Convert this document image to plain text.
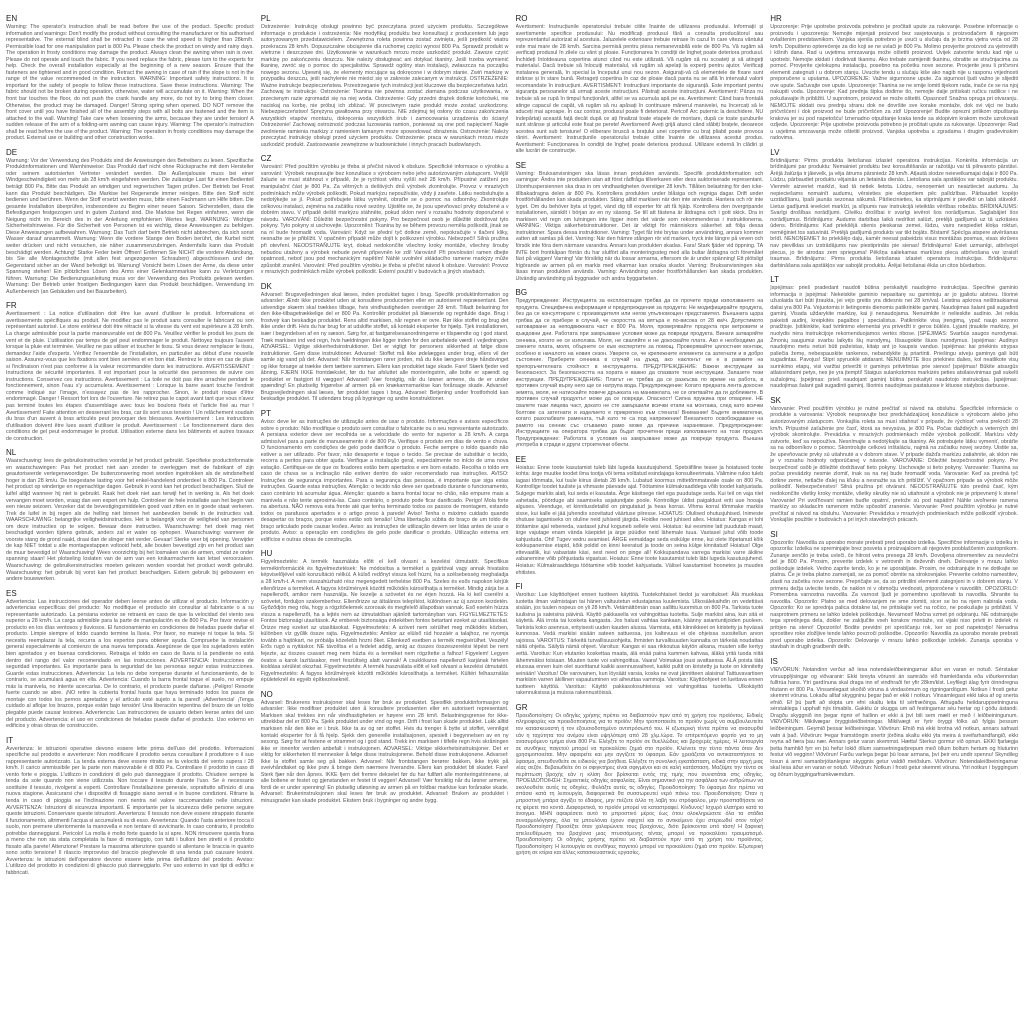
EN

Warning: The operator's instruction shall be read before the use of the product. Specific product information and warnings: Don't modify the product without consulting the manufacturer or his authorised representative. The external blind shall be retracted in case the wind speed is higher than 28km/h. Permissible load for one manipulation part is 800 Pa. Please check the product on windy and rainy days. The operation in frosty conditions may damage the product. Always clean the awning when rain is over. Please do not operate and touch the fabric. If you need replace the fabric, please turn to the experts for help. Check the overall installation especially at the beginning of a new season. Ensure that the fasteners are tightened and in good condition. Retract the awning in case of rain if the slope is not in the range of the value recommended in the instruction. WARNING: Important safety instructions. It is important for the safety of people to follow these instructions. Save these instructions. Warning: The fabric should not be broken during operation, otherwise, water will accumulate on it. Warning: When the front bar touches the floor, do not push the crank handle any more, do not try to bring them closer. Otherwise, the product may be damaged. Danger! Strong spring when opened. DO NOT remove the front cover until you have finished all of the assembly steps with all bolts are fastened and the item is attached to the wall. Warning! Take care when loosening the arms, because they are under tension! A sudden release of the arm of a folding-arm awning can cause injury. Warning: The operator's instruction shall be read before the use of the product. Warning: The operation in frosty conditions may damage the product. External use or building and other construction works.

DE

Warnung: Vor der Verwendung des Produkts sind die Anweisungen des Betreibers zu lesen. Spezifische Produktinformationen und Warnhinweise: Das Produkt darf nicht ohne Rücksprache mit dem Hersteller oder seinem autorisierten Vertreter verändert werden. Die Außenjalousie muss bei einer Windgeschwindigkeit von mehr als 28 km/h eingefahren werden. Die zulässige Last für einen Bedienteil beträgt 800 Pa. Bitte das Produkt an windigen und regnerischen Tagen prüfen. Der Betrieb bei Frost kann das Produkt beschädigen. Die Markise bei Regenende immer reinigen. Bitte den Stoff nicht bedienen und berühren. Wenn der Stoff ersetzt werden muss, bitte einen Fachmann um Hilfe bitten. Die gesamte Installation überprüfen, insbesondere zu Beginn einer neuen Saison. Sicherstellen, dass die Befestigungen festgezogen und in gutem Zustand sind. Die Markise bei Regen einfahren, wenn die Neigung nicht im Bereich des in der Anleitung empfohlenen Wertes liegt. WARNUNG: Wichtige Sicherheitshinweise. Für die Sicherheit von Personen ist es wichtig, diese Anweisungen zu befolgen. Diese Anweisungen aufbewahren. Warnung: Das Tuch darf beim Betrieb nicht abbrechen, da sich sonst Wasser darauf ansammelt. Warnung: Wenn die vordere Stange den Boden berührt, die Kurbel nicht weiter drücken und nicht versuchen, sie näher zusammenzubringen. Andernfalls kann das Produkt beschädigt werden. Achtung! Starke Feder beim Öffnen! Entfernen Sie NICHT die vordere Abdeckung, bis Sie alle Montageschritte (mit allen fest angezogenen Schrauben) abgeschlossen und der Gegenstand sicher an der Wand befestigt ist. Warnung! Vorsicht beim Lösen der Arme, da diese unter Spannung stehen! Ein plötzliches Lösen des Arms einer Gelenkarmmarkise kann zu Verletzungen führen. Warnung: Die Bedienungsanleitung muss vor der Verwendung des Produkts gelesen werden. Warnung: Der Betrieb unter frostigen Bedingungen kann das Produkt beschädigen. Verwendung im Außenbereich (an Gebäuden und bei Bauarbeiten).

FR

Avertissement : La notice d'utilisation doit être lue avant d'utiliser le produit. Informations et avertissements spécifiques au produit. Ne modifiez pas le produit sans consulter le fabricant ou son représentant autorisé. Le store extérieur doit être rétracté si la vitesse du vent est supérieure à 28 km/h. La charge admissible pour la partie manœuvrable est de 800 Pa. Veuillez vérifier le produit les jours de vent et de pluie. L'utilisation par temps de gel peut endommager le produit. Nettoyez toujours l'auvent lorsque la pluie est terminée. Veuillez ne pas utiliser et toucher le tissu. Si vous devez remplacer le tissu, demandez l'aide d'experts. Vérifiez l'ensemble de l'installation, en particulier au début d'une nouvelle saison. Assurez-vous que les fixations sont bien serrées et en bon état. Rentrez le store en cas de pluie si l'inclinaison n'est pas conforme à la valeur recommandée dans les instructions. AVERTISSEMENT : Instructions de sécurité importantes. Il est important pour la sécurité des personnes de suivre ces instructions. Conservez ces instructions. Avertissement : La toile ne doit pas être arrachée pendant le fonctionnement, sinon l'eau s'y accumulera. Avertissement : Lorsque la barre avant touche l'endroit comme indiqué sur l'image, n'essayez pas de les rapprocher. Sinon, le produit risque d'être endommagé. Danger ! Ressort fort lors de l'ouverture. Ne retirez pas le capot avant tant que vous n'avez pas terminé toutes les étapes d'assemblage avec tous les boulons fixés et l'article fixé au mur ! Avertissement! Faite attention en desserrant les bras, car ils sont sous tension ! Un relâchement soudain du bras d'un auvent à bras articulés peut provoquer des blessures. Avertissement : Les instructions d'utilisation doivent être lues avant d'utiliser le produit. Avertissement : Le fonctionnement dans des conditions de gel peut endommager le produit. Utilisation externe dans les bâtiments et autres travaux de construction.

NL

Waarschuwing: lees de gebruiksinstructies voordat je het product gebruikt. Specifieke productinformatie en waarschuwingen: Pas het product niet aan zonder te overleggen met de fabrikant of zijn geautoriseerde vertegenwoordiger. De buitenzonwering moet worden ingetrokken als de windsnelheid hoger is dan 28 km/u. De toegestane lasting voor het enkel-handelend onderdeel is 800 Pa. Controleer het product op winderige en regenachtige dagen. Gebruik in vorst kan het product beschadigen. Sluit de luifel altijd wanneer hij niet is gebruikt. Raak het doek niet aan terwijl het in werking is. Als het doek vervangen moet worden, vraag dan een expert om hulp. Controleer de hele installatie aan het begin van een nieuw seizoen. Verzeker dat de bevestigingsmiddelen goed vast zitten en in goede staat verkeren. Trek de luifel in bij regen als de helling niet binnen het aanbevolen bereik in de instructies valt. WAARSCHUWING: belangrijke veiligheidsinstructies. Het is belangrijk voor de veiligheid van personen om deze instructies op te volgen. Bewaar deze instructies. Waarschuwing: het doek mag niet beschadigd worden tijdens gebruik, anders zal er water op ophopen. Waarschuwing: wanneer de voorste stang de grond raakt, draai dan de slinger niet verder. Gevaar! Sterke veer bij opening. Verwijder de kap NIET totdat u alle montagestappen voltooid hebt, alle bouten bevestigd zijn en het product aan de muur bevestigd is! Waarschuwing! Wees voorzichtig bij het losmaken van de armen, omdat ze onder spanning staan! Het plotseling loslaten van de arm van een knikarmscherm kan letsel veroorzaken. Waarschuwing: de gebruikersinstructies moeten gelezen worden voordat het product wordt gebruikt. Waarschuwing: het gebruik bij vorst kan het product beschadigen. Extern gebruik bij gebouwen en andere bouwwerken.

ES

Advertencia: Las instrucciones del operador deben leerse antes de utilizar el producto. Información y advertencias específicas del producto: No modifique el producto sin consultar al fabricante o a su representante autorizado. La persiana exterior se retraerá en caso de que la velocidad del viento sea superior a 28 km/h. La carga admisible para la parte de manipulación es de 800 Pa. Por favor revise el producto en los días ventosos y lluviosos. El funcionamiento en condiciones de heladas puede dañar el producto. Limpie siempre el toldo cuando termine la lluvia. Por favor, no maneje ni toque la tela. Si necesita reemplazar la tela, recurra a los expertos para obtener ayuda. Compruebe la instalación general especialmente al comienzo de una nueva temporada. Asegúrese de que los sujetadores estén bien apretados y en buenas condiciones. Retraiga el toldo en caso de lluvia si la pendiente no está dentro del rango del valor recomendado en las instrucciones. ADVERTENCIA: Instrucciones de seguridad importantes. Es importante para la seguridad de las personas seguir estas instrucciones. Guarde estas instrucciones. Advertencia: La tela no debe romperse durante el funcionamiento, de lo contrario, se acumulará agua en ella. Advertencia: Cuando la barra frontal toque el suelo, no empuje más la manivela, no intente acercarlas. De lo contrario, el producto puede dañarse. ¡Peligro! Resorte fuerte cuando se abre. ¡NO retire la cubierta frontal hasta que haya terminado todos los pasos de montaje con todos los pernos apretados y el artículo esté sujeto a la pared! ¡Advertencia! ¡Tenga cuidado al aflojar los brazos, porque están bajo tensión! Una liberación repentina del brazo de un toldo plegable puede causar lesiones. Advertencia: Las instrucciones de usuario deben leerse antes del uso del producto. Advertencia: el uso en condiciones de heladas puede dañar el producto. Uso externo en edificios y otras obras de construcción.

IT

Avvertenza: le istruzioni operative devono essere lette prima dell'uso del prodotto. Informazioni specifiche sul prodotto e avvertenze: Non modificare il prodotto senza consultare il produttore o il suo rappresentante autorizzato. La tenda esterna deve essere ritratta se la velocità del vento supera i 28 km/h. Il carico ammissibile per la parte non manovrabile è di 800 Pa. Controllare il prodotto in caso di vento forte e pioggia. L'utilizzo in condizioni di gelo può danneggiare il prodotto. Chiudere sempre la tenda da sole quando non viene utilizzata. Non toccare il tessuto durante l'uso. Se è necessario sostituire il tessuto, rivolgersi a esperti. Controllare l'installazione generale, soprattutto all'inizio di una nuova stagione. Assicurarsi che i dispositivi di fissaggio siano serrati e in buone condizioni. Ritrarre la tenda in caso di pioggia se l'inclinazione non rientra nel valore raccomandato nelle istruzioni. AVVERTENZA: Istruzioni di sicurezza importanti. È importante per la sicurezza delle persone seguire queste istruzioni. Conservare queste istruzioni. Avvertenza: Il tessuto non deve essere strappato durante il funzionamento, altrimenti l'acqua si accumulerà su di esso. Avvertenza: Quando l'asta anteriore tocca il suolo, non premere ulteriormente la manovella e non tentare di avvicinarle. In caso contrario, il prodotto potrebbe danneggiarsi. Pericolo! La molla è molto forte quando la si apre. NON rimuovere questa frana a meno che non sia stata completata la fase di montaggio, con tutti i bulloni ben stretti e il prodotto fissato alla parete! Attenzione! Prestare la massima attenzione quando si allentano le braccia in quanto sono sotto tensione! Il rilascio improvviso del braccio pieghevole di una tenda può causare lesioni. Avvertenza: le istruzioni dell'operatore devono essere lette prima dell'utilizzo del prodotto. Avviso: L'utilizzo del prodotto in condizioni di ghiaccio può danneggiarlo. Per uso esterno in vari tipi di edifici e fabbricati.

PL

Ostrzeżenie: Instrukcję obsługi powinno być przeczytana przed użyciem produktu. Szczegółowe informacje o produkcie i ostrzeżenia: Nie modyfikuj produktu bez konsultacji z producentem lub jego autoryzowanym przedstawicielem. Zewnętrzna roleta powinna zostać zwinięta, jeśli prędkość wiatru przekracza 28 km/h. Dopuszczalne obciążenie dla ruchomej części wynosi 800 Pa. Sprawdź produkt w wietrzne i deszczowe dni. Użytkowanie w warunkach mrozu może uszkodzić produkt. Zawsze czyść markizę po zakończeniu deszczu. Nie należy obsługiwać ani dotykać tkaniny. Jeśli trzeba wymienić tkaninę, zwróć się o pomoc do specjalistów. Sprawdź ogólny stan instalacji, zwłaszcza na początku nowego sezonu. Upewnij się, że elementy mocujące są dokręcone i w dobrym stanie. Zwiń markizę w przypadku deszczu, jeśli nachylenie nie mieści się w zakresie zalecanym w instrukcji. OSTRZEŻENIE: Ważne instrukcje bezpieczeństwa. Przestrzeganie tych instrukcji jest kluczowe dla bezpieczeństwa ludzi. Zachowaj te instrukcje. Ostrzeżenie: Tkanina nie powinna zostać złamana podczas użytkowania, w przeciwnym razie zgromadzi się na niej woda. Ostrzeżenie: Gdy przedni drążek dotknie końcówki, nie naciskaj na korbę, nie próbuj ich zbliżać. W przeciwnym razie produkt może zostać uszkodzony. Niebezpieczeństwo! Sprężyna gwałtowna przy otwarciu. NIE zdejmuj tej osłony do czasu zakończenia wszystkich etapów montażu, dokręcenia wszystkich śrub i zamocowania urządzenia do ściany! Ostrzeżenie! Zachowaj ostrożność podczas luzowania ramion, ponieważ są one pod napięciem! Nagłe zwolnienie ramienia markizy z ramieniem łamanym może spowodować obrażenia. Ostrzeżenie: Należy przeczytać instrukcję obsługi przed użyciem produktu. Ostrzeżenie: praca w warunkach mrozu może uszkodzić produkt. Zastosowanie zewnętrzne w budownictwie i innych pracach budowlanych.

CZ

Varování: Před použitím výrobku je třeba si přečíst návod k obsluze. Specifické informace o výrobku a varování: Výrobek neupravujte bez konzultace s výrobcem nebo jeho autorizovaným zástupcem. Vnější žaluzie se musí stáhnout v případě, že je rychlost větru vyšší než 28 km/h. Přípustné zatížení pro manipulační část je 800 Pa. Za větrných a deštivých dnů výrobek zkontrolujte. Provoz v mrazivých podmínkách může výrobek poškodit. Pokud markýzu nepoužíváte, vždy ji zavřete. Látku neobsluhujte a nedotýkejte se jí. Pokud potřebujete látku vyměnit, obraťte se o pomoc na odborníky. Zkontrolujte celkovou instalaci, zejména na začátku nové sezóny. Ujistěte se, že jsou upevňovací prvky dotažené a v dobrém stavu. V případě deště markýzu stáhněte, pokud sklon není v rozsahu hodnoty doporučené v návodu. VAROVÁNÍ: Důležité bezpečnostní pokyny. Pro bezpečnost osob je důležité dodržovat tyto pokyny. Tyto pokyny si uschovejte. Upozornění: Tkanina by se během provozu neměla poškodit, jinak se na ní bude hromadit voda. Varování: Když se přední tyč dotkne země, nepokračujte v tlačení kliky, nesnažte se je přiblížit. V opačném případě může dojít k poškození výrobku. Nebezpečí! Silná pružina při otevření. NEODSTRAŇUJTE kryt, dokud nedokončíte všechny kroky montáže, všechny šrouby nebudou utaženy a výrobek nebude pevně připevněn ke zdi! Varování! Při povolování ramen dbejte opatrnosti, neboť jsou pod mechanickým napětím! Náhlé uvolnění skládacího ramene markýzy může způsobit zranění. Varování: Před použitím výrobku je třeba si přečíst návod k obsluze. Varování: Provoz v mrazivých podmínkách může výrobek poškodit. Externí použití v budovách a jiných stavbách.

DK

Advarsel: Brugsvejledningen skal læses, inden produktet tages i brug. Specifik produktinformation og advarsler: Ændr ikke produktet uden at konsultere producenten eller en autoriseret repræsentant. Den udvendige skærm skal trækkes tilbage, hvis vindhastigheden overstiger 28 km/t. Tilladt belastning for den ikke-tilbagetrækkelige del er 800 Pa. Kontrollér produktet på blæsende og regnfulde dage. Brug i frostvejr kan beskadige produktet. Rens altid markisen, når regnen er ovre. Rør ikke stoffet og brug det ikke under drift. Hvis du har brug for at udskifte stoffet, så kontakt eksperter for hjælp. Tjek installationen, især i begyndelsen af en ny sæson. Sørg for, at fastgørelsesanordningerne er tilspændte og i god stand. Træk markisen ind ved regn, hvis hældningen ikke ligger inden for den anbefalede værdi i vejledningen. ADVARSEL: Vigtige sikkerhedsinstruktioner. Det er vigtigt for personers sikkerhed at følge disse instruktioner. Gem disse instruktioner. Advarsel: Stoffet må ikke ødelægges under brug, ellers vil der samle sig vand på det. Advarsel: Når frontstangen rører jorden, må du ikke længere dreje håndsvinget og ikke forsøge at trække dem tættere sammen. Ellers kan produktet tage skade. Fare! Stærk fjeder ved åbning. FJERN IKKE frontdækslet, før du har afsluttet alle monteringstrin, alle bolte er spændt og produktet er fastgjort til væggen! Advarsel! Vær forsigtig, når du løsner armene, da de er under spænding! En pludselig frigørelse af armen på en knækarmsmarkise kan forårsage skade. Advarsel: Brugsvejledningen skal læses, før produktet tages i brug. Advarsel: Betjening under frostforhold kan beskadige produktet. Til udendørs brug på bygninger og andre konstruktioner.

PT

Aviso: deve ler as instruções de utilização antes de usar o produto. Informações e avisos específicos sobre o produto: Não modifique o produto sem consultar o fabricante ou o seu representante autorizado. A persiana exterior deve ser recolhida se a velocidade do vento for superior a 28 km/h. A carga admissível para a parte de manuseamento é de 800 Pa. Verifique o produto em dias de vento e chuva. O funcionamento em condições de gelo pode danificar o produto. Feche sempre o toldo quando não estiver a ser utilizado. Por favor, não desaperte e toque o tecido. Se precisar de substituir o tecido, recorra a peritos para obter ajuda. Verifique a instalação geral, especialmente no início de uma nova estação. Certifique-se de que os fixadores estão bem apertados e em bom estado. Recolha o toldo em caso de chuva se a inclinação não estiver dentro do valor recomendado nas instruções. AVISO: Instruções de segurança importantes. Para a segurança das pessoas, é importante que siga estas instruções. Guarde estas instruções. Atenção: o tecido não deve ser quebrado durante o funcionamento, caso contrário irá acumular água. Atenção: quando a barra frontal tocar no chão, não empurre mais a manivela e não tente aproximá-las. Caso contrário, o produto pode ficar danificado. Perigo! Mola forte na abertura. NÃO remova esta frente até que tenha terminado todos os passos de montagem, estando todos os parafusos apertados e o artigo preso à parede! Aviso! Tenha o máximo cuidado quando desapertar os braços, porque estes estão sob tensão! Uma libertação súbita do braço de um toldo de braço articulado pode causar lesões. Aviso: as instruções de utilização devem ser lidas antes de usar o produto. Aviso: a operação em condições de gelo pode danificar o produto. Utilização externa em edifícios e outras obras de construção.

HU

Figyelmeztetés: A termék használata előtt el kell olvasni a kezelési útmutatót. Specifikus termékinformációk és figyelmeztetések: Ne módosítsa a terméket a gyártóval vagy annak hivatalos képviselőjével való konzultáció nélkül. A külső redőnyt vissza kell húzni, ha a szélsebesség meghaladja a 28 km/h-t. A nem visszahúzható rész megengedett terhelése 800 Pa. Szeles és esős napokon kérjük ellenőrizze a terméket. A fagyos körülmények közötti működés károsíthatja a terméket. Mindig zárja be a napellenzőt, amikor nem használja. Ne kezelje a szövetet és ne érjen hozzá. Ha ki kell cserélni a szövetet, forduljon szakemberhez. Ellenőrizze az általános telepítést, különösen az új szezon kezdetén. Győződjön meg róla, hogy a rögzítőelemek szorosak és megfelelő állapotban vannak. Eső esetén húzza vissza a napellenzőt, ha a lejtés nem az útmutatóban ajánlott tartományban van. FIGYELMEZTETÉS: Fontos biztonsági utasítások. Az emberek biztonsága érdekében fontos betartani ezeket az utasításokat. Őrizze meg ezeket az utasításokat. Figyelmeztetés: A szövet nem sérülhet meg működés közben, különben víz gyűlik össze rajta. Figyelmeztetés: Amikor az elülső rúd hozzáér a talajhoz, ne nyomja tovább a hajtókart, ne próbálja közelebb hozni őket. Ellenkező esetben a termék megsérülhet. Veszély! Erős rugó a nyitáskor. NE távolítsa el a fedelet addig, amíg az összes összeszerelési lépést be nem fejezte, az összes csavart meg nem húzta és a terméket nem rögzítette a falhoz! Figyelem! Legyen óvatos a karok lazításakor, mert feszültség alatt vannak! A csuklókaros napellenző karjának hirtelen kioldása sérülést okozhat. Figyelmeztetés: A termék használata előtt el kell olvasni a kezelési útmutatót. Figyelmeztetés: A fagyos körülmények közötti működés károsíthatja a terméket. Kültéri felhasználás épületeknél és egyéb építkezéseknél.

NO

Advarsel: Brukerens instruksjoner skal leses før bruk av produktet. Spesifikk produktinformasjon og advarsler: Ikke modifiser produktet uten å konsultere produsenten eller en autorisert representant. Markisen skal trekkes inn når vindhastigheten er høyere enn 28 km/t. Belastningsgrense for ikke-uttrekkbar del er 800 Pa. Sjekk produktet under vind og regn. Drift i frost kan skade produktet. Lukk alltid markisen når den ikke er i bruk. Ikke ta av og rør stoffet. Hvis du trenger å bytte ut stoffet, vennligst kontakt eksperter for å få hjelp. Sjekk den generelle installasjonen, spesielt i begynnelsen av en ny sesong. Sørg for at festene er strammet og i god stand. Trekk inn markisen i tilfelle regn hvis skråningen ikke er innenfor verdien anbefalt i instruksjonen. ADVARSEL: Viktige sikkerhetsinstruksjoner. Det er viktig for sikkerheten til mennesker å følge disse instruksjonene. Behold disse instruksjonene. Advarsel: Ikke la stoffet samle seg på bakken. Advarsel: Når frontstangen berører bakken, ikke trykk på sveivhåndtaket og ikke prøv å bringe dem nærmere hverandre. Ellers kan produktet bli skadet. Fare! Sterk fjær når den åpnes. IKKE fjern det fremre dekselet før du har fullført alle monteringstrinnene, at alle boltene er festet og gjenstanden er festet til veggen! Advarsel! Vær forsiktig når du løsner armene, fordi de er under spenning! En plutselig utløsning av armen på en foldbar markise kan forårsake skade. Advarsel: Brukerinstruksjonen skal leses før bruk av produktet. Advarsel: Bruken av produktet i minusgrader kan skade produktet. Ekstern bruk i bygninger og andre bygg.

RO

Avertisment: Instrucțiunile operatorului trebuie citite înainte de utilizarea produsului. Informații și avertismente specifice produsului: Nu modificați produsul fără a consulta producătorul sau reprezentantul autorizat al acestuia. Jaluzelele exterioare trebuie retrase în cazul în care viteza vântului este mai mare de 28 km/h. Sarcina permisă pentru piesa nemanevrabilă este de 800 Pa. Vă rugăm să verificați produsul în zilele cu vânt și ploaie. Funcționarea în condiții de îngheț poate deteriora produsul. Închideți întotdeauna copertina atunci când nu este utilizată. Vă rugăm să nu scoateți și să atingeți materialul. Dacă trebuie să înlocuiți materialul, vă rugăm să apelați la experți pentru ajutor. Verificați instalarea generală, în special la începutul unui nou sezon. Asigurați-vă că elementele de fixare sunt strânse și în stare bună. Retrageți copertina în caz de ploaie dacă panta nu se află în intervalul valorii recomandate în instrucțiuni. AVERTISMENT: Instrucțiuni importante de siguranță. Este important pentru siguranța persoanelor să urmați aceste instrucțiuni. Păstrați aceste instrucțiuni. Avertisment: Pânza nu trebuie să se rupă în timpul funcționării, altfel se va acumula apă pe ea. Avertisment: Când bara frontală atinge capacul de capăt, vă rugăm să nu apăsați în continuare mânerul manivelei, nu încercați să le aduceți mai aproape. În caz contrar, produsul poate fi deteriorat. Pericol! Arc puternic la deschidere. NU îndepărtați această față decât după ce ați finalizat toate etapele de montare, după ce toate șuruburile sunt strânse și articolul este fixat pe perete! Avertisment! Aveți grijă atunci când slăbiți brațele, deoarece acestea sunt sub tensiune! O eliberare bruscă a brațului unei copertine cu braț pliabil poate provoca răniri. Avertisment: Instrucțiunile operatorului trebuie citite înainte de utilizarea acestui produs. Avertisment: Funcționarea în condiții de îngheț poate deteriora produsul. Utilizare externă în clădiri și alte lucrări de construcție.

SE

Varning: Bruksanvisningen ska läsas innan produkten används. Specifik produktinformation och varningar: Ändra inte produkten utan att först rådfråga tillverkaren eller dess auktoriserade representant. Utomhuspersiennen ska dras in om vindhastigheten överstiger 28 km/h. Tillåten belastning för den icke-tillbakadragna delen är 800 Pa. Kontrollera produkten under blåsiga och regniga dagar. Drift under frostförhållanden kan skada produkten. Stäng alltid markisen när den inte används. Hantera och rör inte tyget. Om du behöver byta ut tyget, vänd dig till experter för att få hjälp. Kontrollera den övergripande installationen, särskilt i början av en ny säsong. Se till att fästena är åtdragna och i gott skick. Dra in markisen vid regn om lutningen inte ligger inom det värde som rekommenderas i instruktionerna. VARNING: Viktiga säkerhetsinstruktioner. Det är viktigt för människors säkerhet att följa dessa instruktioner. Spara dessa instruktioner. Varning: Tyget får inte brytas under användning, annars kommer vatten att samlas på det. Varning: När den främre stången rör vid marken, tryck inte längre på veven och försök inte föra dem närmare varandra. Annars kan produkten skadas. Fara! Stark fjäder vid öppning. TA INTE bort frontkåpan förrän du har slutfört alla monteringssteg med alla bultar åtdragna och föremålet fäst på väggen! Varning! Var försiktig när du lossar armarna, eftersom de är under spänning! Ett plötsligt frigörande av armen på en markis med vikarmar kan orsaka skador. Varning: Bruksanvisningen ska läsas innan produkten används. Varning: Användning under frostförhållanden kan skada produkten. Utvändig användning på byggnader och andra byggarbeten.

BG

Предупреждение: Инструкцията за експлоатация трябва да се прочете преди използването на продукта. Специфична информация и предупреждения за продукта: Не модифицирайте продукта, без да се консултирате с производителя или негов упълномощен представител. Външната щора трябва да се прибере в случай, че скоростта на вятъра е по-висока от 28 км/ч. Допустимото натоварване за неподвижната част е 800 Pa. Моля, проверявайте продукта при ветровити и дъждовни дни. Работата при замръзване условия може да повреди продукта. Винаги затваряйте сенника, когато не се използва. Моля, не сваляйте и не докосвайте плата. Ако е необходимо да сменете плата, моля, обърнете се към експертите за помощ. Проверявайте цялостния монтаж, особено в началото на новия сезон. Уверете се, че крепежните елементи са затегнати и в добро състояние. Приберете сенника в случай на дъжд, ако наклонът не е в рамките на препоръчителната стойност в инструкцията. ПРЕДУПРЕЖДЕНИЕ: Важни инструкции за безопасност. За безопасността на хората е важно да спазвате тези инструкции. Запазете тези инструкции. ПРЕДУПРЕЖДЕНИЕ: Платът не трябва да се разкъсва по време на работа, в противен случай върху него ще се натрупа вода. Предупреждение: Когато предната лента докосне земята, моля, не натискайте повече дръжката на манивелата, не се опитвайте да ги доближите. В противен случай продуктът може да се повреди. Опасност! Силна пружина при отваряне. НЕ свалете тази лицева част, докато не сте завършили всички етапи на монтажа, след като всички болтове са затегнати и изделието е прикрепено към стената! Внимание! Бъдете внимателни, когато разхлабвате рамената, тъй като те са под напрежение! Внезапното освобождаване на рамото на сенник със сгъваемо рамо може да причини нараняване. Предупреждение: Инструкциите на оператора трябва да бъдат прочетени преди използването на този продукт. Предупреждение: Работата в условия на замръзване може да повреди продукта. Външна употреба в сгради и други строителни обекти.

EE

Hoiatus: Enne toote kasutamist tuleb läbi lugeda kasutusjuhend. Spetsiifiline teave ja hoiatused toote kohta: ärge muutke toodet ilma tootja või tema volitatud esindajaga konsulteerimata. Välimine ruloo tuleb tagasi tõmmata, kui tuule kiirus ületab 28 km/h. Lubatud koormus mittetõmmatavale osale on 800 Pa. Kontrollige toodet tuuliste ja vihmaste päevade ajal. Töötamine külmakraadidega võib toodet kahjustada. Sulgege markiis alati, kui seda ei kasutata. Ärge käsitsege riiet ega puudutage seda. Kui teil on vaja riiet vahetada, pöörduge abi saamiseks asjatundjate poole. Kontrollige üldist paigaldust eriti uue hooaja alguses. Veenduge, et kinnitusdetailid on pingutatud ja heas korras. Vihma korral tõmmake markiis sisse, kui kalle ei jää juhendis soovitatud väärtuse piiresse. HOIATUS: Olulised ohutusjuhised. Inimeste ohutuse tagamiseks on oluline neid juhiseid järgida. Hoidke need juhised alles. Hoiatus: Kangas ei tohi töötamise ajal rebeneda, vastasel juhul koguneb sellele vesi. Hoiatus: kui eesmine latt puudutab maad, ärge vajutage enam vända käepidet ja ärge püüdke neid lähemale tuua. Vastasel juhul võib toode kahjustuda. Oht! Tugev vedru avamisel. ÄRGE eemaldage seda esikülge enne, kui olete lõpetanud kõik kokkupanemise etapid, kõik poldid on kinni keeratud ja toode on seina külge kinnitatud! Hoiatus! Olge ettevaatlik, kui vabastate käsi, sest need on pinge all! Kokkupandava varrega markiisi varre äkiline vabanemine võib põhjustada vigastusi. Hoiatus: Enne toote kasutamist tuleb läbi lugeda kasutusjuhend. Hoiatus: Külmakraadidega töötamine võib toodet kahjustada. Välisel kasutamisel hoonetes ja muudes ehitistes.

FI

Varoitus: Lue käyttöohjeet ennen tuotteen käyttöä. Tuotekohtaiset tiedot ja varoitukset: Älä muokkaa tuotetta ilman valmistajan tai hänen valtuutetun edustajansa kuulemista. Ulkosälekaihdin on vedettävä sisään, jos tuulen nopeus on yli 28 km/h. Vetämättömän osan sallittu kuormitus on 800 Pa. Tarkista tuote tuulisina ja sateisina päivinä. Käyttö pakkasella voi vahingoittaa tuotetta. Sulje markiisi aina, kun sitä ei käytetä. Älä irrota tai kosketa kangasta. Jos haluat vaihtaa kankaan, käänny asiantuntijoiden puoleen. Tarkista koko asennus, erityisesti uuden kauden alussa. Varmista, että kiinnikkeet on kiristetty ja hyvässä kunnossa. Vedä markiisi sisään sateen sattuessa, jos kaltevuus ei ole ohjeissa suositellun arvon rajoissa. VAROITUS: Tärkeitä turvallisuusohjeita. Ihmisten turvallisuuden kannalta on tärkeää noudattaa näitä ohjeita. Säilytä nämä ohjeet. Varoitus: Kangas ei saa rikkoutua käytön aikana, muuten sille kertyy vettä. Varoitus: Kun etutanko koskettaa maata, älä enää paina kammen kahvaa, äläkä yritä tuoda niitä lähemmäksi toisiaan. Muuten tuote voi vahingoittua. Vaara! Voimakas jousi avattaessa. ÄLÄ poista tätä etuosaa ennen kuin olet suorittanut kaikki asennusvaiheet, kaikki pultit on kiristetty ja tuote on kiinnitetty seinään! Varoitus! Ole varovainen, kun löysäät varsia, koska ne ovat jännitteen alaisina! Taittuvavartisen markiisin varren äkillinen vapautuminen voi aiheuttaa vammoja. Varoitus: Käyttöohjeet on luettava ennen tuotteen käyttöä. Varoitus: Käyttö pakkasolosuhteissa voi vahingoittaa tuotetta. Ulkokäyttö rakennuksissa ja muissa rakennustöissä.

GR

Προειδοποίηση: Οι οδηγίες χρήσης πρέπει να διαβαστούν πριν από τη χρήση του προϊόντος. Ειδικές πληροφορίες και προειδοποιήσεις για το προϊόν: Μην τροποποιείτε το προϊόν χωρίς να συμβουλευτείτε τον κατασκευαστή ή τον εξουσιοδοτημένο αντιπρόσωπό του. Η εξωτερική τέντα πρέπει να ανασυρθεί εάν η ταχύτητα του ανέμου είναι υψηλότερη από 28 χλμ./ώρα. Το επιτρεπόμενο φορτίο για το μη ανασυρόμενο τμήμα είναι 800 Pa. Ελέγξτε το προϊόν σε θυελλώδεις και βροχερές ημέρες. Η λειτουργία σε συνθήκες παγετού μπορεί να προκαλέσει ζημιά στο προϊόν. Κλείνετε την τέντα πάντα όταν δεν χρησιμοποιείται. Μην αφαιρείτε και μην αγγίζετε το ύφασμα. Εάν χρειάζεται να αντικαταστήσετε το ύφασμα, απευθυνθείτε σε ειδικούς για βοήθεια. Ελέγξτε τη συνολική εγκατάσταση, ειδικά στην αρχή μιας νέας σεζόν. Βεβαιωθείτε ότι οι σφιγκτήρες είναι σφιγμένοι και σε καλή κατάσταση. Μαζέψτε την τέντα σε περίπτωση βροχής εάν η κλίση δεν βρίσκεται εντός της τιμής που συνιστάται στις οδηγίες. ΠΡΟΕΙΔΟΠΟΙΗΣΗ: Σημαντικές οδηγίες ασφαλείας. Είναι σημαντικό για την ασφάλεια των ανθρώπων να ακολουθείτε αυτές τις οδηγίες. Φυλάξτε αυτές τις οδηγίες. Προειδοποίηση: Το ύφασμα δεν πρέπει να σπάσει κατά τη λειτουργία, διαφορετικά θα συσσωρευτεί νερό πάνω του. Προειδοποίηση: Όταν η μπροστινή μπάρα αγγίξει το έδαφος, μην πιέζετε άλλο τη λαβή του στρόφαλου, μην προσπαθήσετε να τις φέρετε πιο κοντά. Διαφορετικά, το προϊόν μπορεί να καταστραφεί. Κίνδυνος! Ισχυρό ελατήριο κατά το άνοιγμα. ΜΗΝ αφαιρέσετε αυτό το μπροστινό μέρος έως ότου ολοκληρώσετε όλα τα στάδια συναρμολόγησης, όλα τα μπουλόνια έχουν σφιχτεί και το αντικείμενο έχει στερεωθεί στον τοίχο! Προειδοποίηση! Προσέξτε όταν χαλαρώνετε τους βραχίονες, διότι βρίσκονται υπό τάση! Η ξαφνική απελευθέρωση του βραχίονα μιας πτυσσόμενης τέντας μπορεί να προκαλέσει τραυματισμό. Προειδοποίηση: Οι οδηγίες χρήσης πρέπει να διαβαστούν πριν από τη χρήση του προϊόντος. Προειδοποίηση: Η λειτουργία σε συνθήκες παγετού μπορεί να προκαλέσει ζημιά στο προϊόν. Εξωτερική χρήση σε κτίρια και άλλες κατασκευαστικές εργασίες.

HR

Upozorenje: Prije upotrebe proizvoda potrebno je pročitati upute za rukovanje. Posebne informacije o proizvodu i upozorenja: Nemojte mijenjati proizvod bez savjetovanja s proizvođačem ili njegovim ovlaštenim predstavnikom. Vanjska sjenila potrebno je uvući u slučaju da je brzina vjetra veća od 28 km/h. Dopušteno opterećenje za dio koji se ne uvlači je 800 Pa. Molimo provjerite proizvod za vjetrovitih i kišnih dana. Rad u uvjetima smrzavanja može oštetiti proizvod. Uvijek zatvorite tendu kad nije u upotrebi. Nemojte skidati i dodirivati tkaninu. Ako trebate zamijeniti tkaninu, obratite se stručnjacima za pomoć. Provjerite cjelokupnu instalaciju, posebno na početku nove sezone. Provjerite jesu li pričvrsni elementi zategnuti i u dobrom stanju. Uvucite tendu u slučaju kiše ako nagib nije u rasponu vrijednosti preporučene u uputama. UPOZORENJE: Važne sigurnosne upute. Za sigurnost ljudi važno je slijediti ove upute. Sačuvajte ove upute. Upozorenje: Tkanina se ne smije lomiti tijekom rada, inače će se na njoj nakupiti voda. Upozorenje: Kad prednja šipka dodirne tlo, nemojte dalje pritiskati ručicu radilice i ne pokušavajte ih približiti. U suprotnom, proizvod se može oštetiti. Opasnost! Snažna opruga pri otvaranju. NEMOJTE skidati ovu prednju stranu dok ne dovršite sve korake montaže, dok svi vijci ne budu pričvršćeni i dok proizvod ne bude pričvršćen za zid! Upozorenje! Budite oprezni prilikom otpuštanja krakova jer su pod napetošću! Iznenadno otpuštanje kraka tende sa sklopivim krakom može uzrokovati ozljede. Upozorenje: Prije upotrebe proizvoda potrebno je pročitati upute za rukovanje. Upozorenje: Rad u uvjetima smrzavanja može oštetiti proizvod. Vanjska upotreba u zgradama i drugim građevinskim radovima.

LV

Brīdinājums: Pirms produkta lietošanas izlasiet operatora instrukcijas. Konkrēta informācija un brīdinājumi par produktu: Nemainiet produktu bez konsultēšanās ar ražotāju vai tā pilnvaroto pārstāvi. Ārējā žalūzija ir jāievelk, ja vēja ātrums pārsniedz 28 km/h. Atļautā slodze neievelkamajai daļai ir 800 Pa. Lūdzu, pārbaudiet produktu vējainās un lietainās dienās. Lietošana sala apstākļos var sabojāt produktu. Vienmēr aizveriet markīzi, kad tā netiek lietota. Lūdzu, nenoņemiet un neaiztieciet audumu. Ja nepieciešams nomainīt audumu, vērsieties pie ekspertiem pēc palīdzības. Pārbaudiet kopējo uzstādīšanu, īpaši jaunās sezonas sākumā. Pārliecinieties, ka stiprinājumi ir pievilkti un labā stāvoklī. Lietus gadījumā ievelciet markīzi, ja slīpums nav instrukcijā ieteiktās vērtības robežās. BRĪDINĀJUMS: Svarīgi drošības norādījumi. Cilvēku drošībai ir svarīgi ievērot šos norādījumus. Saglabājiet šos norādījumus. Brīdinājums: Audums darbības laikā nedrīkst salūzt, pretējā gadījumā uz tā uzkrāsies ūdens. Brīdinājums: Kad priekšējā stienis pieskaras zemei, lūdzu, vairs nespiediet kloķa rokturi, nemēģiniet tos satuvināt. Pretējā gadījumā produkts var tikt bojāts. Bīstami! Spēcīga atspere atvēršanas brīdī. NENOŅEMIET šo priekšējo daļu, kamēr neesat pabeidzis visus montāžas posmus, visas skrūves nav pievilktas un izstrādājums nav piestiprināts pie sienas! Brīdinājums! Esiet uzmanīgi, atbrīvojot plecus, jo tie atrodas zem sprieguma! Pēkšņa saliekamas markīzes pleca atbrīvošana var izraisīt traumas. Brīdinājums: Pirms produkta lietošanas izlasiet operatora instrukcijas. Brīdinājums: darbināšana sala apstākļos var sabojāt produktu. Ārējai lietošanai ēkās un citos būvdarbos.

LT

Įspėjimas: prieš pradedant naudoti būtina perskaityti naudojimo instrukcijas. Specifinė gaminio informacija ir įspėjimai: Nekeiskite gaminio nepasitarę su gamintoju ar jo įgaliotu atstovu. Išorinė užuolaida turi būti įtraukta, jei vėjo greitis yra didesnis nei 28 km/val. Leistina apkrova neištraukiamai daliai yra 800 Pa. Vėjuotomis ir lietingomis dienomis patikrinkite gaminį. Naudojimas šalant gali sugadinti gaminį. Visada uždarykite markizę, kai ji nenaudojama. Nenuimkite ir nelieskite audinio. Jei reikia pakeisti audinį, kreipkitės pagalbos į specialistus. Patikrinkite visą įrengimą, ypač naujo sezono pradžioje. Įsitikinkite, kad tvirtinimo elementai yra priveržti ir geros būklės. Lyjant įtraukite markizę, jei nuolydis nėra instrukcijoje rekomenduojamos vertės ribose. ĮSPĖJIMAS: Svarbūs saugos nurodymai. Žmonių saugumui svarbu laikytis šių nurodymų. Išsaugokite šiuos nurodymus. Įspėjimas: Audinys naudojimo metu neturi būti pažeistas, kitaip ant jo kaupsis vanduo. Įspėjimas: kai priekinis strypas paliečia žemę, nebespauskite rankenos, nebandykite jų priartinti. Priešingu atveju gaminys gali būti sugadintas. Pavojus! Stipri spyruoklė atidarant. NENUIMKITE šios priekinės dalies, kol neatlikote visų surinkimo etapų, visi varžtai priveržti ir gaminys pritvirtintas prie sienos! Įspėjimas! Būkite atsargūs atlaisvindami petys, nes jie yra įtempti! Staigus sulankstomos markizės peties atsilaisvinimas gali sukelti sužalojimų. Įspėjimas: prieš naudojant gaminį būtina perskaityti naudotojo instrukcijas. Įspėjimas: naudojimas šalant gali sugadinti gaminį. Išorinis naudojimas pastatuose ir kituose statybos darbuose.

SK

Varovanie: Pred použitím výrobku je nutné prečítať si návod na obsluhu. Špecifické informácie o produkte a varovania: Výrobok neupravujte bez predchádzajúcej konzultácie s výrobcom alebo jeho autorizovaným zástupcom. Vonkajšia roleta sa musí stiahnuť v prípade, že rýchlosť vetra prekročí 28 km/h. Prípustné zaťaženie pre časť, ktorá sa nevysúva, je 800 Pa. Počas daždivých a veterných dní výrobok skontrolujte. Prevádzka v mrazivých podmienkach môže výrobok poškodiť. Markízu vždy zatvorte, keď sa nepoužíva. Nesnímajte a nedotýkajte sa tkaniny. Ak potrebujete látku vymeniť, obráťte sa na odborníkov o pomoc. Skontrolujte celkovú inštaláciu, najmä na začiatku novej sezóny. Uistite sa, že upevňovacie prvky sú utiahnuté a v dobrom stave. V prípade dažďa markízu zatiahnite, ak sklon nie je v rozsahu hodnoty odporúčanej v návode. VAROVANIE: Dôležité bezpečnostné pokyny. Pre bezpečnosť osôb je dôležité dodržiavať tieto pokyny. Uschovajte si tieto pokyny. Varovanie: Tkanina sa počas prevádzky nesmie zlomiť, inak sa na nej bude hromadiť voda. Varovanie: Keď sa predná tyč dotkne zeme, netlačte ďalej na kľuku a nesnažte sa ich priblížiť. V opačnom prípade sa výrobok môže poškodiť. Nebezpečenstvo! Silná pružina pri otváraní. NEODSTRAŇUJTE túto prednú časť, kým nedokončíte všetky kroky montáže, všetky skrutky nie sú utiahnuté a výrobok nie je pripevnený k stene! Varovanie! Pri uvoľňovaní ramien buďte opatrní, pretože sú pod napätím! Náhle uvoľnenie ramena markízy so skladacím ramenom môže spôsobiť zranenie. Varovanie: Pred použitím výrobku je nutné prečítať si návod na obsluhu. Varovanie: Prevádzka v mrazivých podmienkach môže poškodiť výrobok. Vonkajšie použitie v budovách a pri iných stavebných prácach.

SI

Opozorilo: Navodila za uporabo morate prebrati pred uporabo izdelka. Specifične informacije o izdelku in opozorila: Izdelka ne spreminjajte brez posveta s proizvajalcem ali njegovim pooblaščenim zastopnikom. Zunanje senčilo je treba uvleči, če hitrost vetra presega 28 km/h. Dovoljena obremenitev za neuvlečni del je 800 Pa. Prosim, preverite izdelek v vetrovnih in deževnih dneh. Delovanje v mrazu lahko poškoduje izdelek. Vedno zaprite tendo, ko je ne uporabljate. Prosim, ne odstranjujte in ne dotikajte se platna. Če je treba platno zamenjati, se za pomoč obrnite na strokovnjake. Preverite celotno namestitev, zlasti na začetku nove sezone. Prepričajte se, da so pritrdilni elementi zategnjeni in v dobrem stanju. V primeru dežja uvlecite tendo, če naklon ni v območju vrednosti, priporočene v navodilih. OPOZORILO: Pomembna varnostna navodila. Za varnost ljudi je pomembno upoštevati ta navodila. Shranite ta navodila. Opozorilo: Platno se med delovanjem ne sme zlomiti, sicer se bo na njem nabirala voda. Opozorilo: Ko se sprednja palica dotakne tal, ne pritiskajte več na ročico, ne poskušajte ju približati. V nasprotnem primeru se lahko izdelek poškoduje. Nevarnost! Močna vzmet pri odpiranju. NE odstranjujte tega sprednjega dela, dokler ne zaključite vseh korakov montaže, vsi vijaki niso priviti in izdelek ni pritrjen na steno! Opozorilo! Bodite previdni pri sproščanju rok, ker so pod napetostjo! Nenadna sprostitev roke zložljive tende lahko povzroči poškodbe. Opozorilo: Navodila za uporabo morate prebrati pred uporabo izdelka. Opozorilo: Delovanje v mrazu lahko poškoduje izdelek. Zunanja uporaba v stavbah in drugih gradbenih delih.

IS

VIÐVÖRUN: Notandinn verður að lesa notendaleiðbeiningarnar áður en varan er notuð. Sérstakar vöruupplýsingar og viðvaranir: Ekki breyta vörunni án samráðs við framleiðanda eða viðurkenndan fulltrúa hans. Ytri gardínuna skal draga inn ef vindhraði fer yfir 28km/klst. Leyfilegt álag fyrir óinndregna hlutann er 800 Pa. Vinsamlegast skoðið vöruna á vindasömum og rigningardögum. Notkun í frosti getur skemmt vöruna. Lokaðu alltaf skyggninu þegar það er ekki í notkun. Vinsamlegast ekki taka af og snerta efnið. Ef þú þarft að skipta um efni skaltu leita til sérfræðinga. Athugaðu heildaruppsetninguna sérstaklega í upphafi nýs tímabils. Gakktu úr skugga um að festingarnar séu hertar og í góðu ástandi. Dragðu skyggnið inn þegar rignir ef hallinn er ekki á því bili sem mælt er með í leiðbeiningunum. VIÐVÖRUN: Mikilvægar öryggisleiðbeiningar. Mikilvægt er fyrir öryggi fólks að fylgja þessum leiðbeiningum. Geymið þessar leiðbeiningar. Viðvörun: Efnið má ekki brotna við notkun, annars safnast vatn á það. Viðvörun: Þegar framstöngin snertir jörðina skaltu ekki ýta meira á sveifarhandfangið, ekki reyna að færa þau nær. Annars getur varan skemmst. Hætta! Sterkur gormur við opnun. EKKI fjarlægja þetta framhlið fyrr en þú hefur lokið öllum samsetningarþrepum með öllum boltum hertum og hluturinn festur við vegginn! Viðvörun! Farðu varlega þegar þú losar armana, því þeir eru undir spennu! Skyndileg losun á armi samanbrjótanlegrar skyggnis getur valdið meiðslum. Viðvörun: Notendaleiðbeiningarnar skal lesa áður en varan er notuð. Viðvörun: Notkun í frosti getur skemmt vöruna. Ytri notkun í byggingum og öðrum byggingarframkvæmdum.
